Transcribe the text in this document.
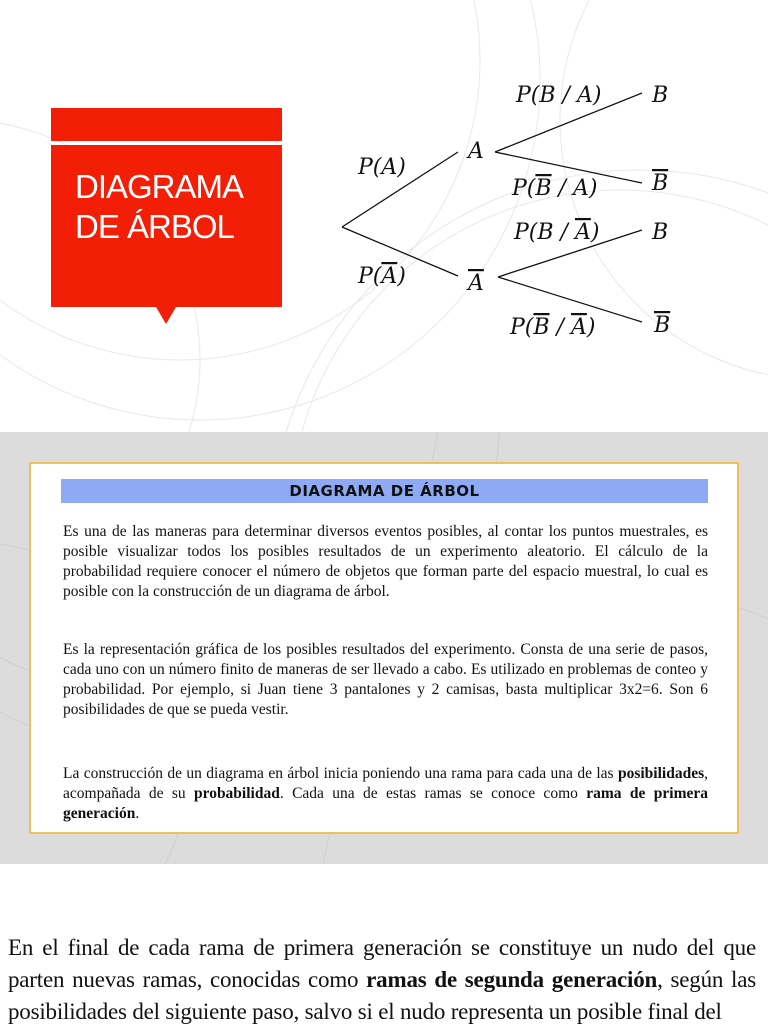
DIAGRAMA
DE ÁRBOL
P(A)
P(A)
A
A
P(B / A)
P(B / A)
P(B / A)
P(B / A)
B
B
B
B
DIAGRAMA DE ÁRBOL

Es una de las maneras para determinar diversos eventos posibles, al contar los puntos muestrales, es posible visualizar todos los posibles resultados de un experimento aleatorio. El cálculo de la probabilidad requiere conocer el número de objetos que forman parte del espacio muestral, lo cual es posible con la construcción de un diagrama de árbol.

Es la representación gráfica de los posibles resultados del experimento. Consta de una serie de pasos, cada uno con un número finito de maneras de ser llevado a cabo. Es utilizado en problemas de conteo y probabilidad. Por ejemplo, si Juan tiene 3 pantalones y 2 camisas, basta multiplicar 3x2=6. Son 6 posibilidades de que se pueda vestir.

La construcción de un diagrama en árbol inicia poniendo una rama para cada una de las posibilidades, acompañada de su probabilidad. Cada una de estas ramas se conoce como rama de primera generación.

En el final de cada rama de primera generación se constituye un nudo del que parten nuevas ramas, conocidas como ramas de segunda generación, según las posibilidades del siguiente paso, salvo si el nudo representa un posible final del
